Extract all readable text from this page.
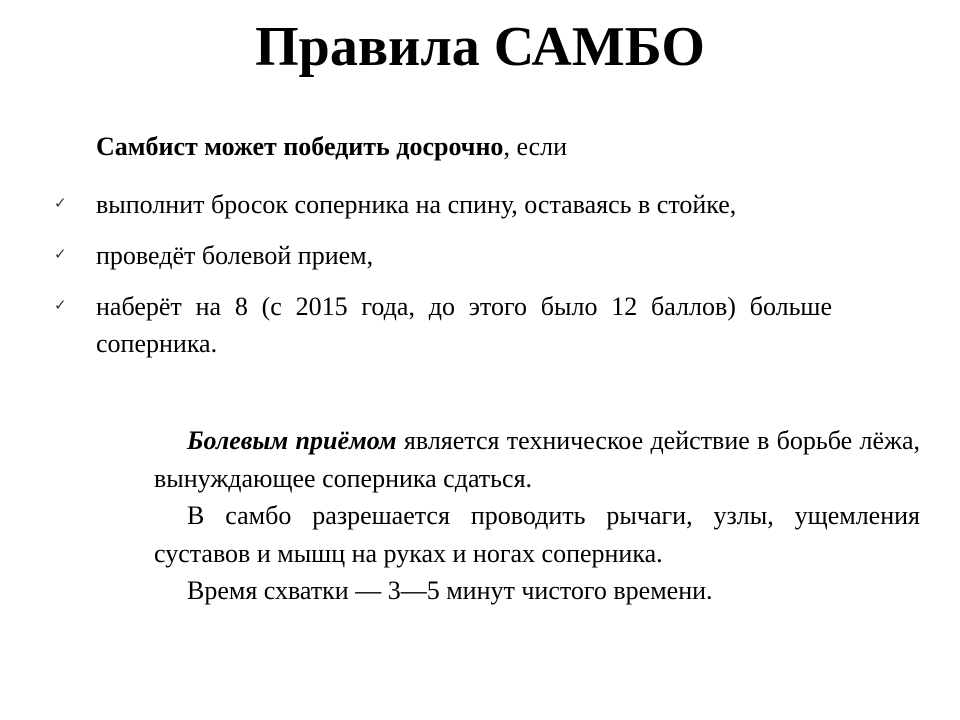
Правила САМБО
Самбист может победить досрочно, если
✓ выполнит бросок соперника на спину, оставаясь в стойке,
✓ проведёт болевой прием,
✓ наберёт на 8 (с 2015 года, до этого было 12 баллов) больше соперника.

Болевым приёмом является техническое действие в борьбе лёжа, вынуждающее соперника сдаться.

В самбо разрешается проводить рычаги, узлы, ущемления суставов и мышц на руках и ногах соперника.

Время схватки — 3—5 минут чистого времени.
